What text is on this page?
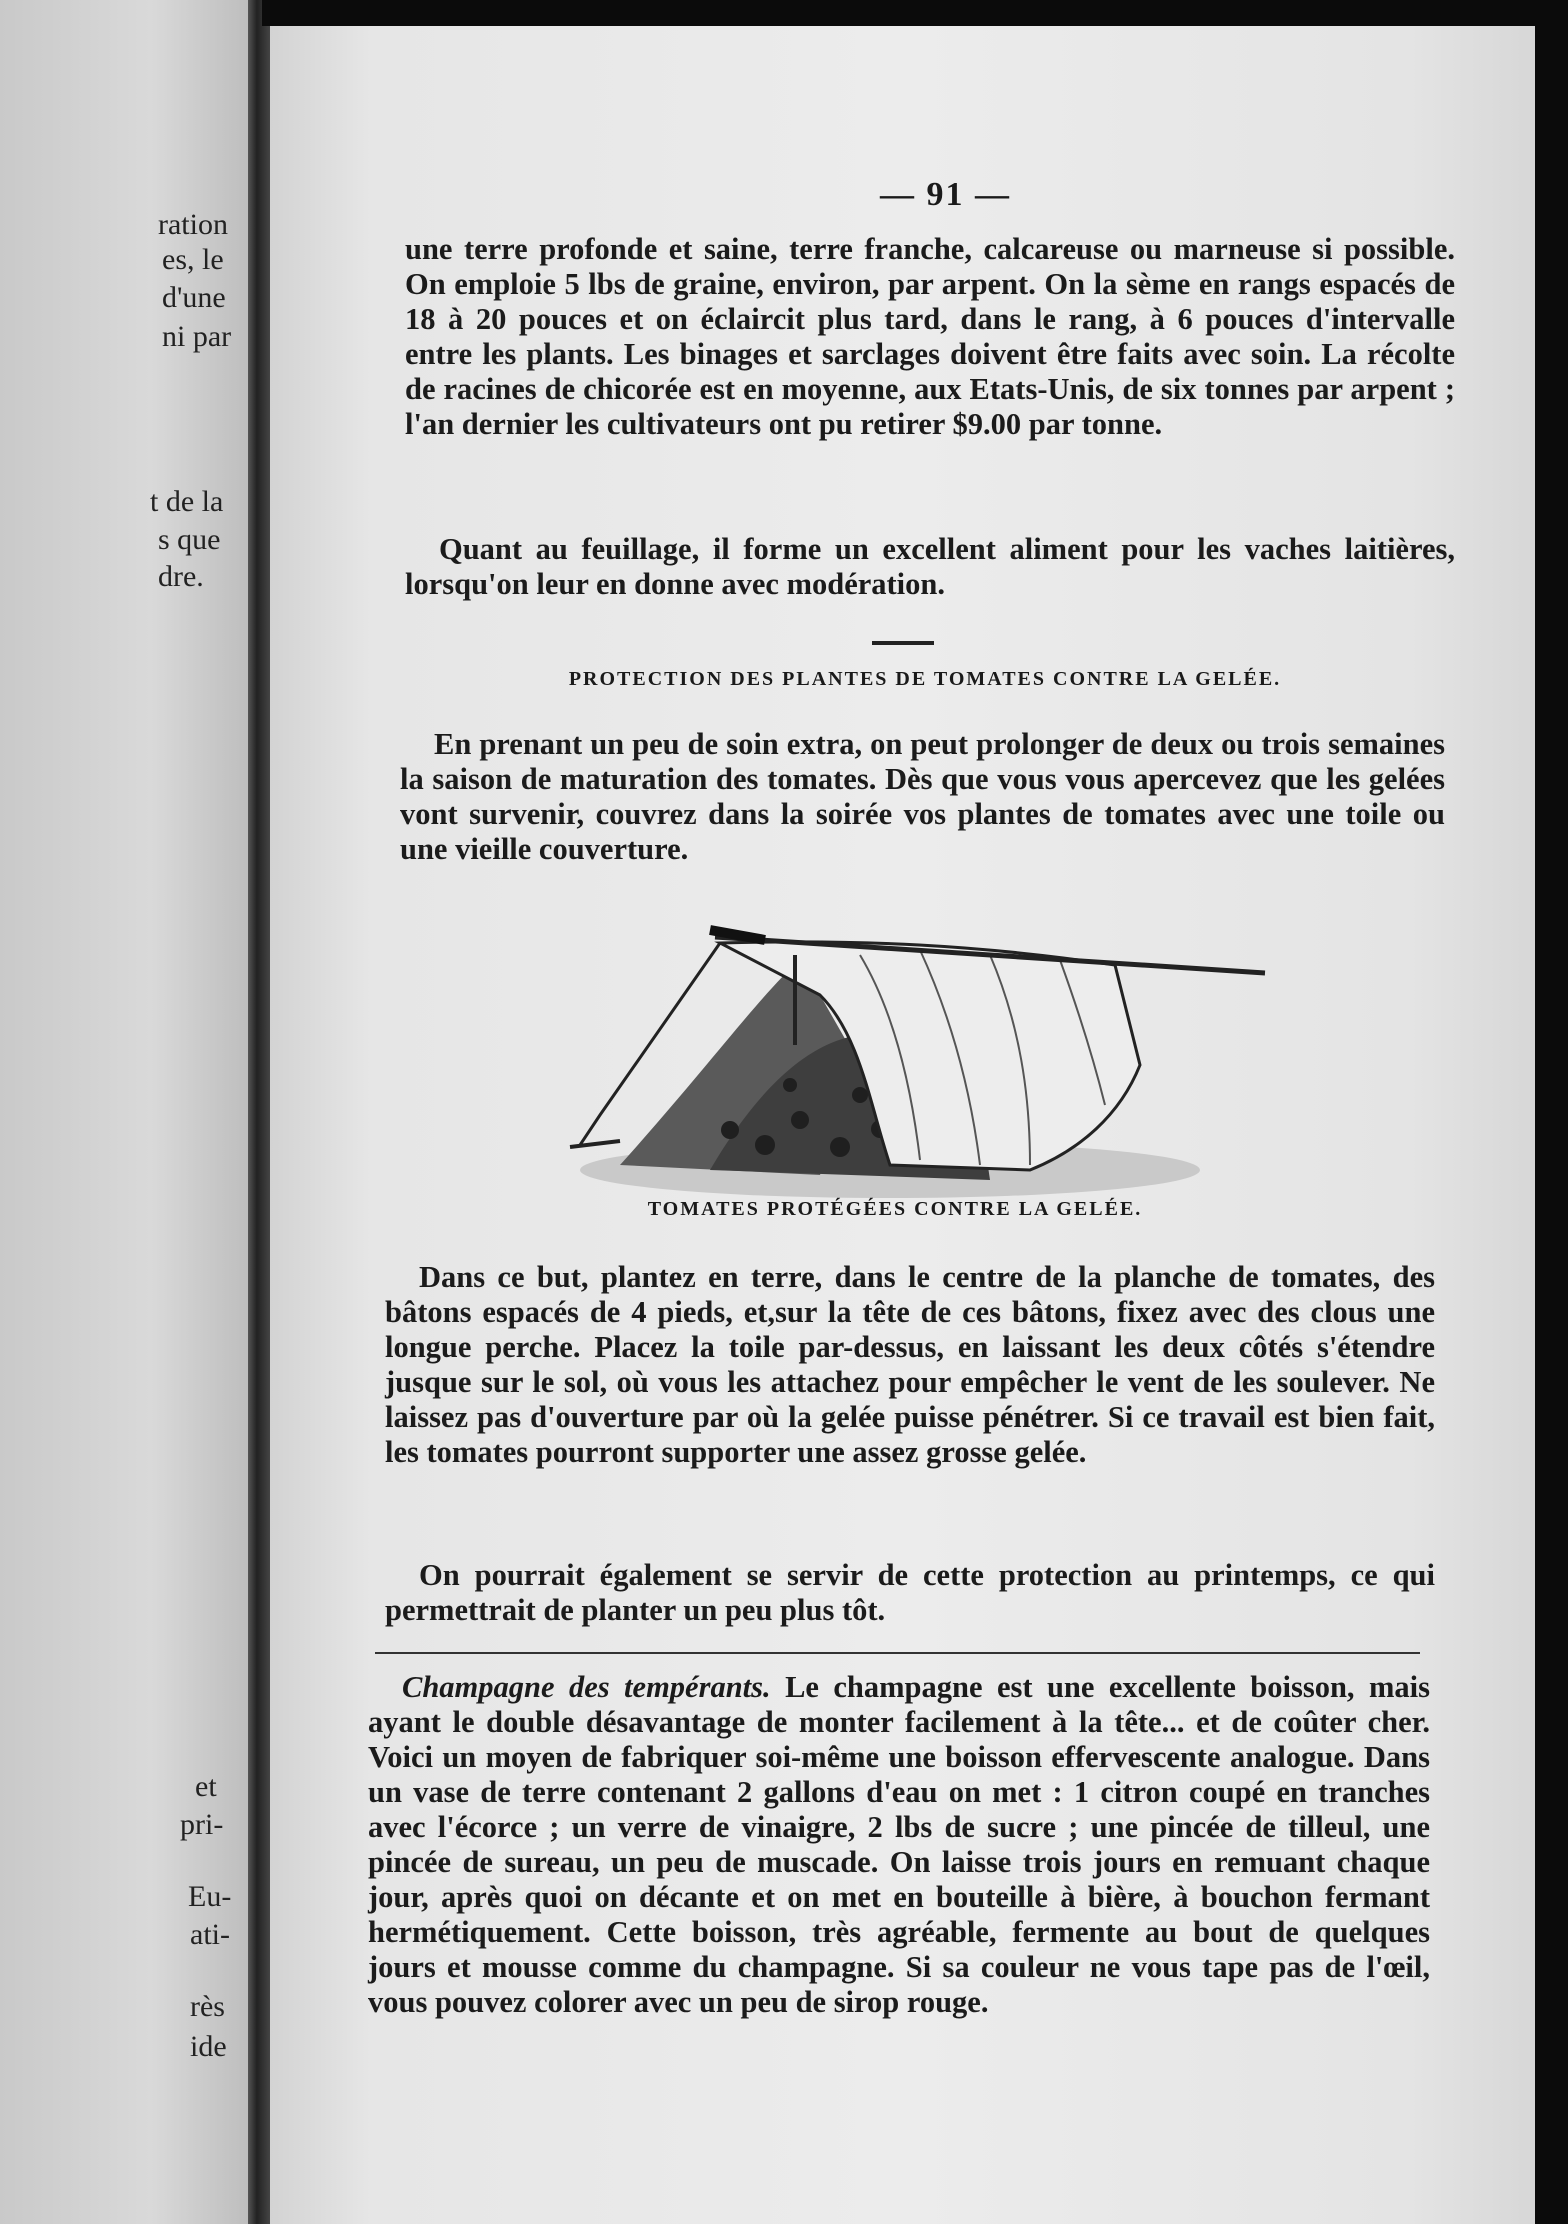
ration
es, le
d'une
ni par
t de la
s que
dre.
et
pri-
Eu-
ati-
rès
ide
— 91 —
une terre profonde et saine, terre franche, calcareuse ou marneuse si possible. On emploie 5 lbs de graine, environ, par arpent. On la sème en rangs espacés de 18 à 20 pouces et on éclaircit plus tard, dans le rang, à 6 pouces d'intervalle entre les plants. Les binages et sarclages doivent être faits avec soin. La récolte de racines de chicorée est en moyenne, aux Etats-Unis, de six tonnes par arpent ; l'an dernier les cultivateurs ont pu retirer $9.00 par tonne.
Quant au feuillage, il forme un excellent aliment pour les vaches laitières, lorsqu'on leur en donne avec modération.
PROTECTION DES PLANTES DE TOMATES CONTRE LA GELÉE.
En prenant un peu de soin extra, on peut prolonger de deux ou trois semaines la saison de maturation des tomates. Dès que vous vous apercevez que les gelées vont survenir, couvrez dans la soirée vos plantes de tomates avec une toile ou une vieille couverture.
TOMATES PROTÉGÉES CONTRE LA GELÉE.
Dans ce but, plantez en terre, dans le centre de la planche de tomates, des bâtons espacés de 4 pieds, et,sur la tête de ces bâtons, fixez avec des clous une longue perche. Placez la toile par-dessus, en laissant les deux côtés s'étendre jusque sur le sol, où vous les attachez pour empêcher le vent de les soulever. Ne laissez pas d'ouverture par où la gelée puisse pénétrer. Si ce travail est bien fait, les tomates pourront supporter une assez grosse gelée.
On pourrait également se servir de cette protection au printemps, ce qui permettrait de planter un peu plus tôt.
Champagne des tempérants. Le champagne est une excellente boisson, mais ayant le double désavantage de monter facilement à la tête... et de coûter cher. Voici un moyen de fabriquer soi-même une boisson effervescente analogue. Dans un vase de terre contenant 2 gallons d'eau on met : 1 citron coupé en tranches avec l'écorce ; un verre de vinaigre, 2 lbs de sucre ; une pincée de tilleul, une pincée de sureau, un peu de muscade. On laisse trois jours en remuant chaque jour, après quoi on décante et on met en bouteille à bière, à bouchon fermant hermétiquement. Cette boisson, très agréable, fermente au bout de quelques jours et mousse comme du champagne. Si sa couleur ne vous tape pas de l'œil, vous pouvez colorer avec un peu de sirop rouge.
